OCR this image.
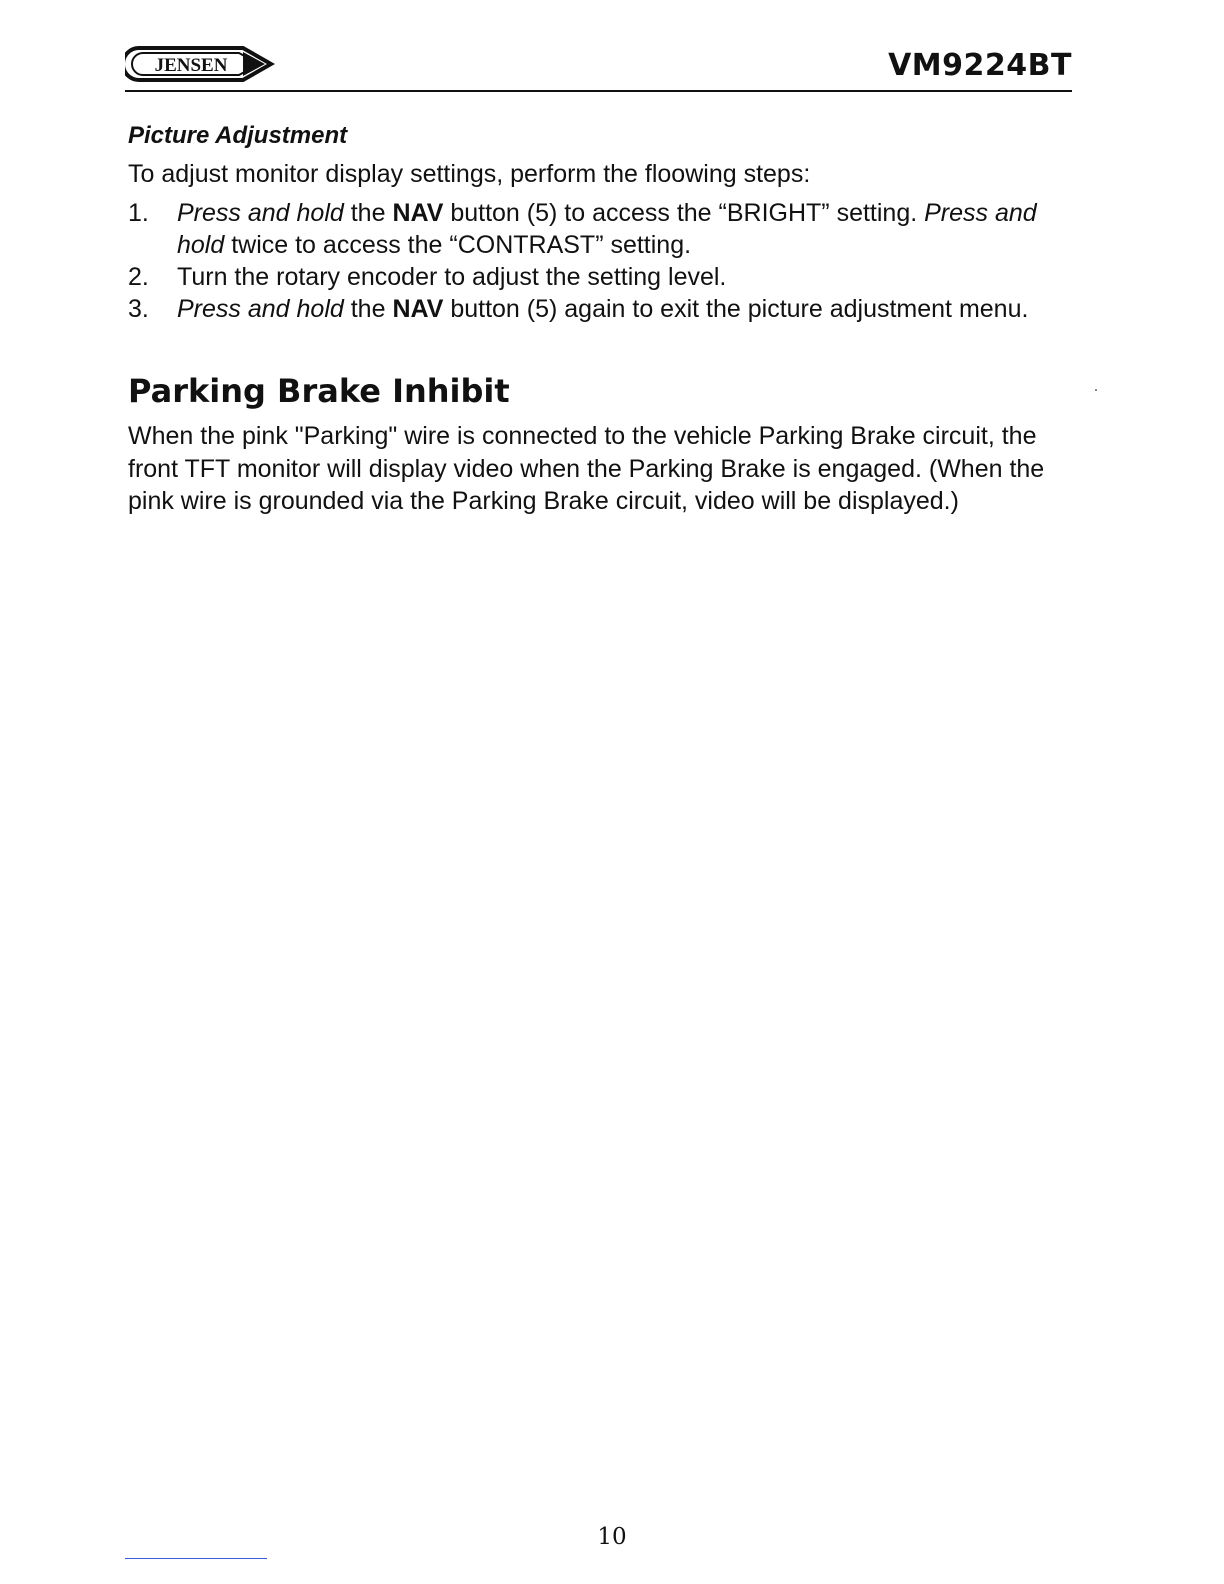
JENSEN	VM9224BT
Picture Adjustment
To adjust monitor display settings, perform the floowing steps:
1. Press and hold the NAV button (5) to access the “BRIGHT” setting. Press and hold twice to access the “CONTRAST” setting.
2. Turn the rotary encoder to adjust the setting level.
3. Press and hold the NAV button (5) again to exit the picture adjustment menu.
Parking Brake Inhibit
When the pink "Parking" wire is connected to the vehicle Parking Brake circuit, the front TFT monitor will display video when the Parking Brake is engaged. (When the pink wire is grounded via the Parking Brake circuit, video will be displayed.)
10
